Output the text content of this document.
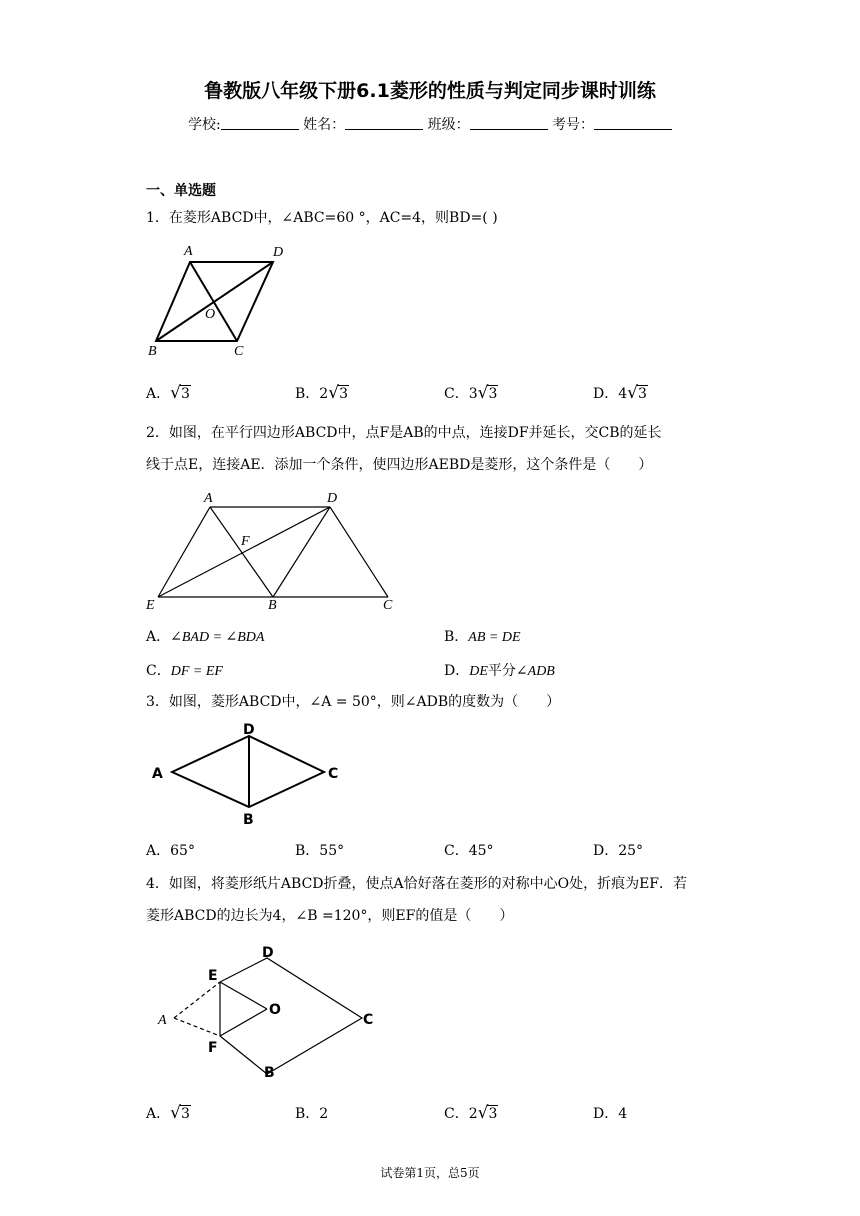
鲁教版八年级下册6.1菱形的性质与判定同步课时训练
学校:	姓名：	班级：	考号：
一、单选题
1．在菱形ABCD中，∠ABC=60 °，AC=4，则BD=( )
A	D
O
B	C
A．√3	B．2√3	C．3√3	D．4√3
2．如图，在平行四边形ABCD中，点F是AB的中点，连接DF并延长，交CB的延长
线于点E，连接AE．添加一个条件，使四边形AEBD是菱形，这个条件是（　　）
A	D
F
E	B	C
A．∠BAD = ∠BDA	B．AB = DE
C．DF = EF	D．DE平分∠ADB
3．如图，菱形ABCD中，∠A = 50°，则∠ADB的度数为（　　）
D
A	C
B
A．65°	B．55°	C．45°	D．25°
4．如图，将菱形纸片ABCD折叠，使点A恰好落在菱形的对称中心O处，折痕为EF．若
菱形ABCD的边长为4，∠B =120°，则EF的值是（　　）
E
D
A
O
C
F
B
A．√3	B．2	C．2√3	D．4
试卷第1页，总5页
